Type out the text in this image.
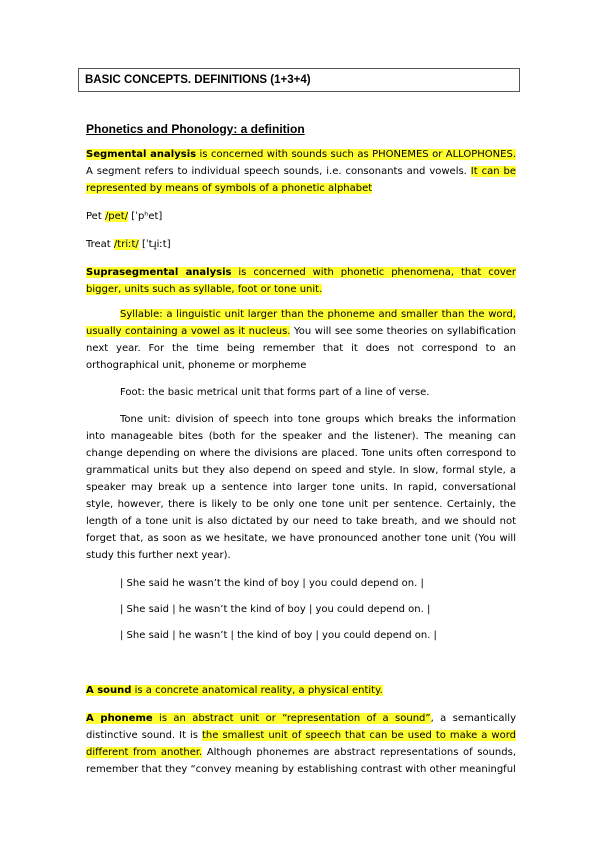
BASIC CONCEPTS. DEFINITIONS (1+3+4)
Phonetics and Phonology: a definition
Segmental analysis is concerned with sounds such as PHONEMES or ALLOPHONES. A segment refers to individual speech sounds, i.e. consonants and vowels. It can be represented by means of symbols of a phonetic alphabet
Pet /pet/ [ˈpʰet]
Treat /triːt/ [ˈtɹ̥iːt]
Suprasegmental analysis is concerned with phonetic phenomena, that cover bigger, units such as syllable, foot or tone unit.
Syllable: a linguistic unit larger than the phoneme and smaller than the word, usually containing a vowel as it nucleus. You will see some theories on syllabification next year. For the time being remember that it does not correspond to an orthographical unit, phoneme or morpheme
Foot: the basic metrical unit that forms part of a line of verse.
Tone unit: division of speech into tone groups which breaks the information into manageable bites (both for the speaker and the listener). The meaning can change depending on where the divisions are placed. Tone units often correspond to grammatical units but they also depend on speed and style. In slow, formal style, a speaker may break up a sentence into larger tone units. In rapid, conversational style, however, there is likely to be only one tone unit per sentence. Certainly, the length of a tone unit is also dictated by our need to take breath, and we should not forget that, as soon as we hesitate, we have pronounced another tone unit (You will study this further next year).
| She said he wasn’t the kind of boy | you could depend on. |
| She said | he wasn’t the kind of boy | you could depend on. |
| She said | he wasn’t | the kind of boy | you could depend on. |
A sound is a concrete anatomical reality, a physical entity.
A phoneme is an abstract unit or “representation of a sound”, a semantically distinctive sound. It is the smallest unit of speech that can be used to make a word different from another. Although phonemes are abstract representations of sounds, remember that they “convey meaning by establishing contrast with other meaningful
